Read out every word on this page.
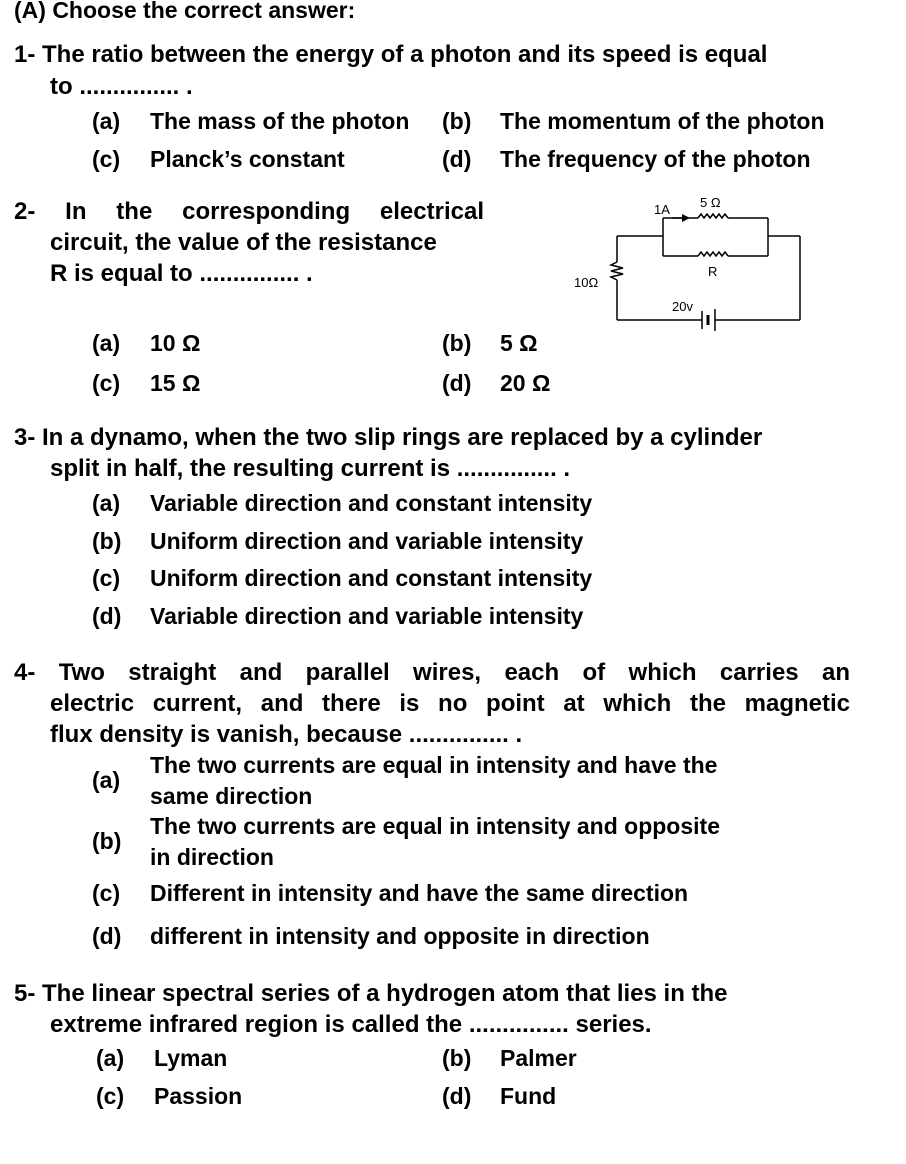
(A) Choose the correct answer:
1- The ratio between the energy of a photon and its speed is equal
to ............... .
(a) The mass of the photon (b) The momentum of the photon
(c) Planck’s constant	(d) The frequency of the photon
2- In the corresponding electrical
circuit, the value of the resistance
R is equal to ............... .
1A 5 Ω
R
10Ω
20v
(a) 10 Ω	(b) 5 Ω
(c) 15 Ω	(d) 20 Ω
3- In a dynamo, when the two slip rings are replaced by a cylinder
split in half, the resulting current is ............... .
(a) Variable direction and constant intensity
(b) Uniform direction and variable intensity
(c) Uniform direction and constant intensity
(d) Variable direction and variable intensity
4- Two straight and parallel wires, each of which carries an
electric current, and there is no point at which the magnetic
flux density is vanish, because ............... .
(a)
The two currents are equal in intensity and have the
same direction
(b)
The two currents are equal in intensity and opposite
in direction
(c) Different in intensity and have the same direction
(d) different in intensity and opposite in direction
5- The linear spectral series of a hydrogen atom that lies in the
extreme infrared region is called the ............... series.
(a) Lyman	(b) Palmer
(c) Passion	(d) Fund
